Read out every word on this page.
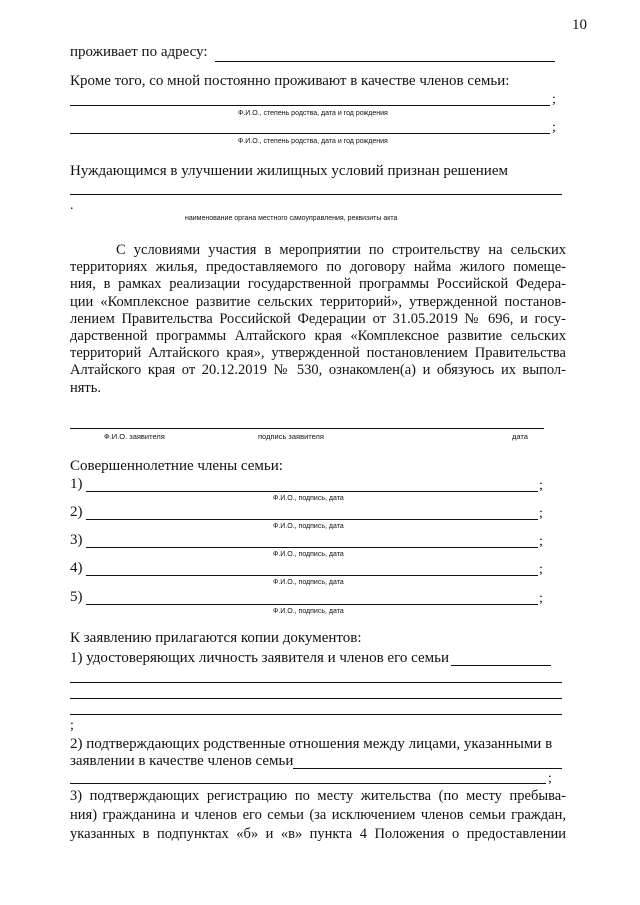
10
проживает по адресу:
Кроме того, со мной постоянно проживают в качестве членов семьи:
;
Ф.И.О., степень родства, дата и год рождения
;
Ф.И.О., степень родства, дата и год рождения
Нуждающимся в улучшении жилищных условий признан решением
.
наименование органа местного самоуправления, реквизиты акта
С условиями участия в мероприятии по строительству на сельских
территориях жилья, предоставляемого по договору найма жилого помеще-
ния, в рамках реализации государственной программы Российской Федера-
ции «Комплексное развитие сельских территорий», утвержденной постанов-
лением Правительства Российской Федерации от 31.05.2019 № 696, и госу-
дарственной программы Алтайского края «Комплексное развитие сельских
территорий Алтайского края», утвержденной постановлением Правительства
Алтайского края от 20.12.2019 № 530, ознакомлен(а) и обязуюсь их выпол-
нять.
Ф.И.О. заявителя	подпись заявителя	дата
Совершеннолетние члены семьи:
1)	;
Ф.И.О., подпись, дата
2)	;
Ф.И.О., подпись, дата
3)	;
Ф.И.О., подпись, дата
4)	;
Ф.И.О., подпись, дата
5)	;
Ф.И.О., подпись, дата
К заявлению прилагаются копии документов:
1) удостоверяющих личность заявителя и членов его семьи
;
2) подтверждающих родственные отношения между лицами, указанными в
заявлении в качестве членов семьи
;
3) подтверждающих регистрацию по месту жительства (по месту пребыва-
ния) гражданина и членов его семьи (за исключением членов семьи граждан,
указанных в подпунктах «б» и «в» пункта 4 Положения о предоставлении
